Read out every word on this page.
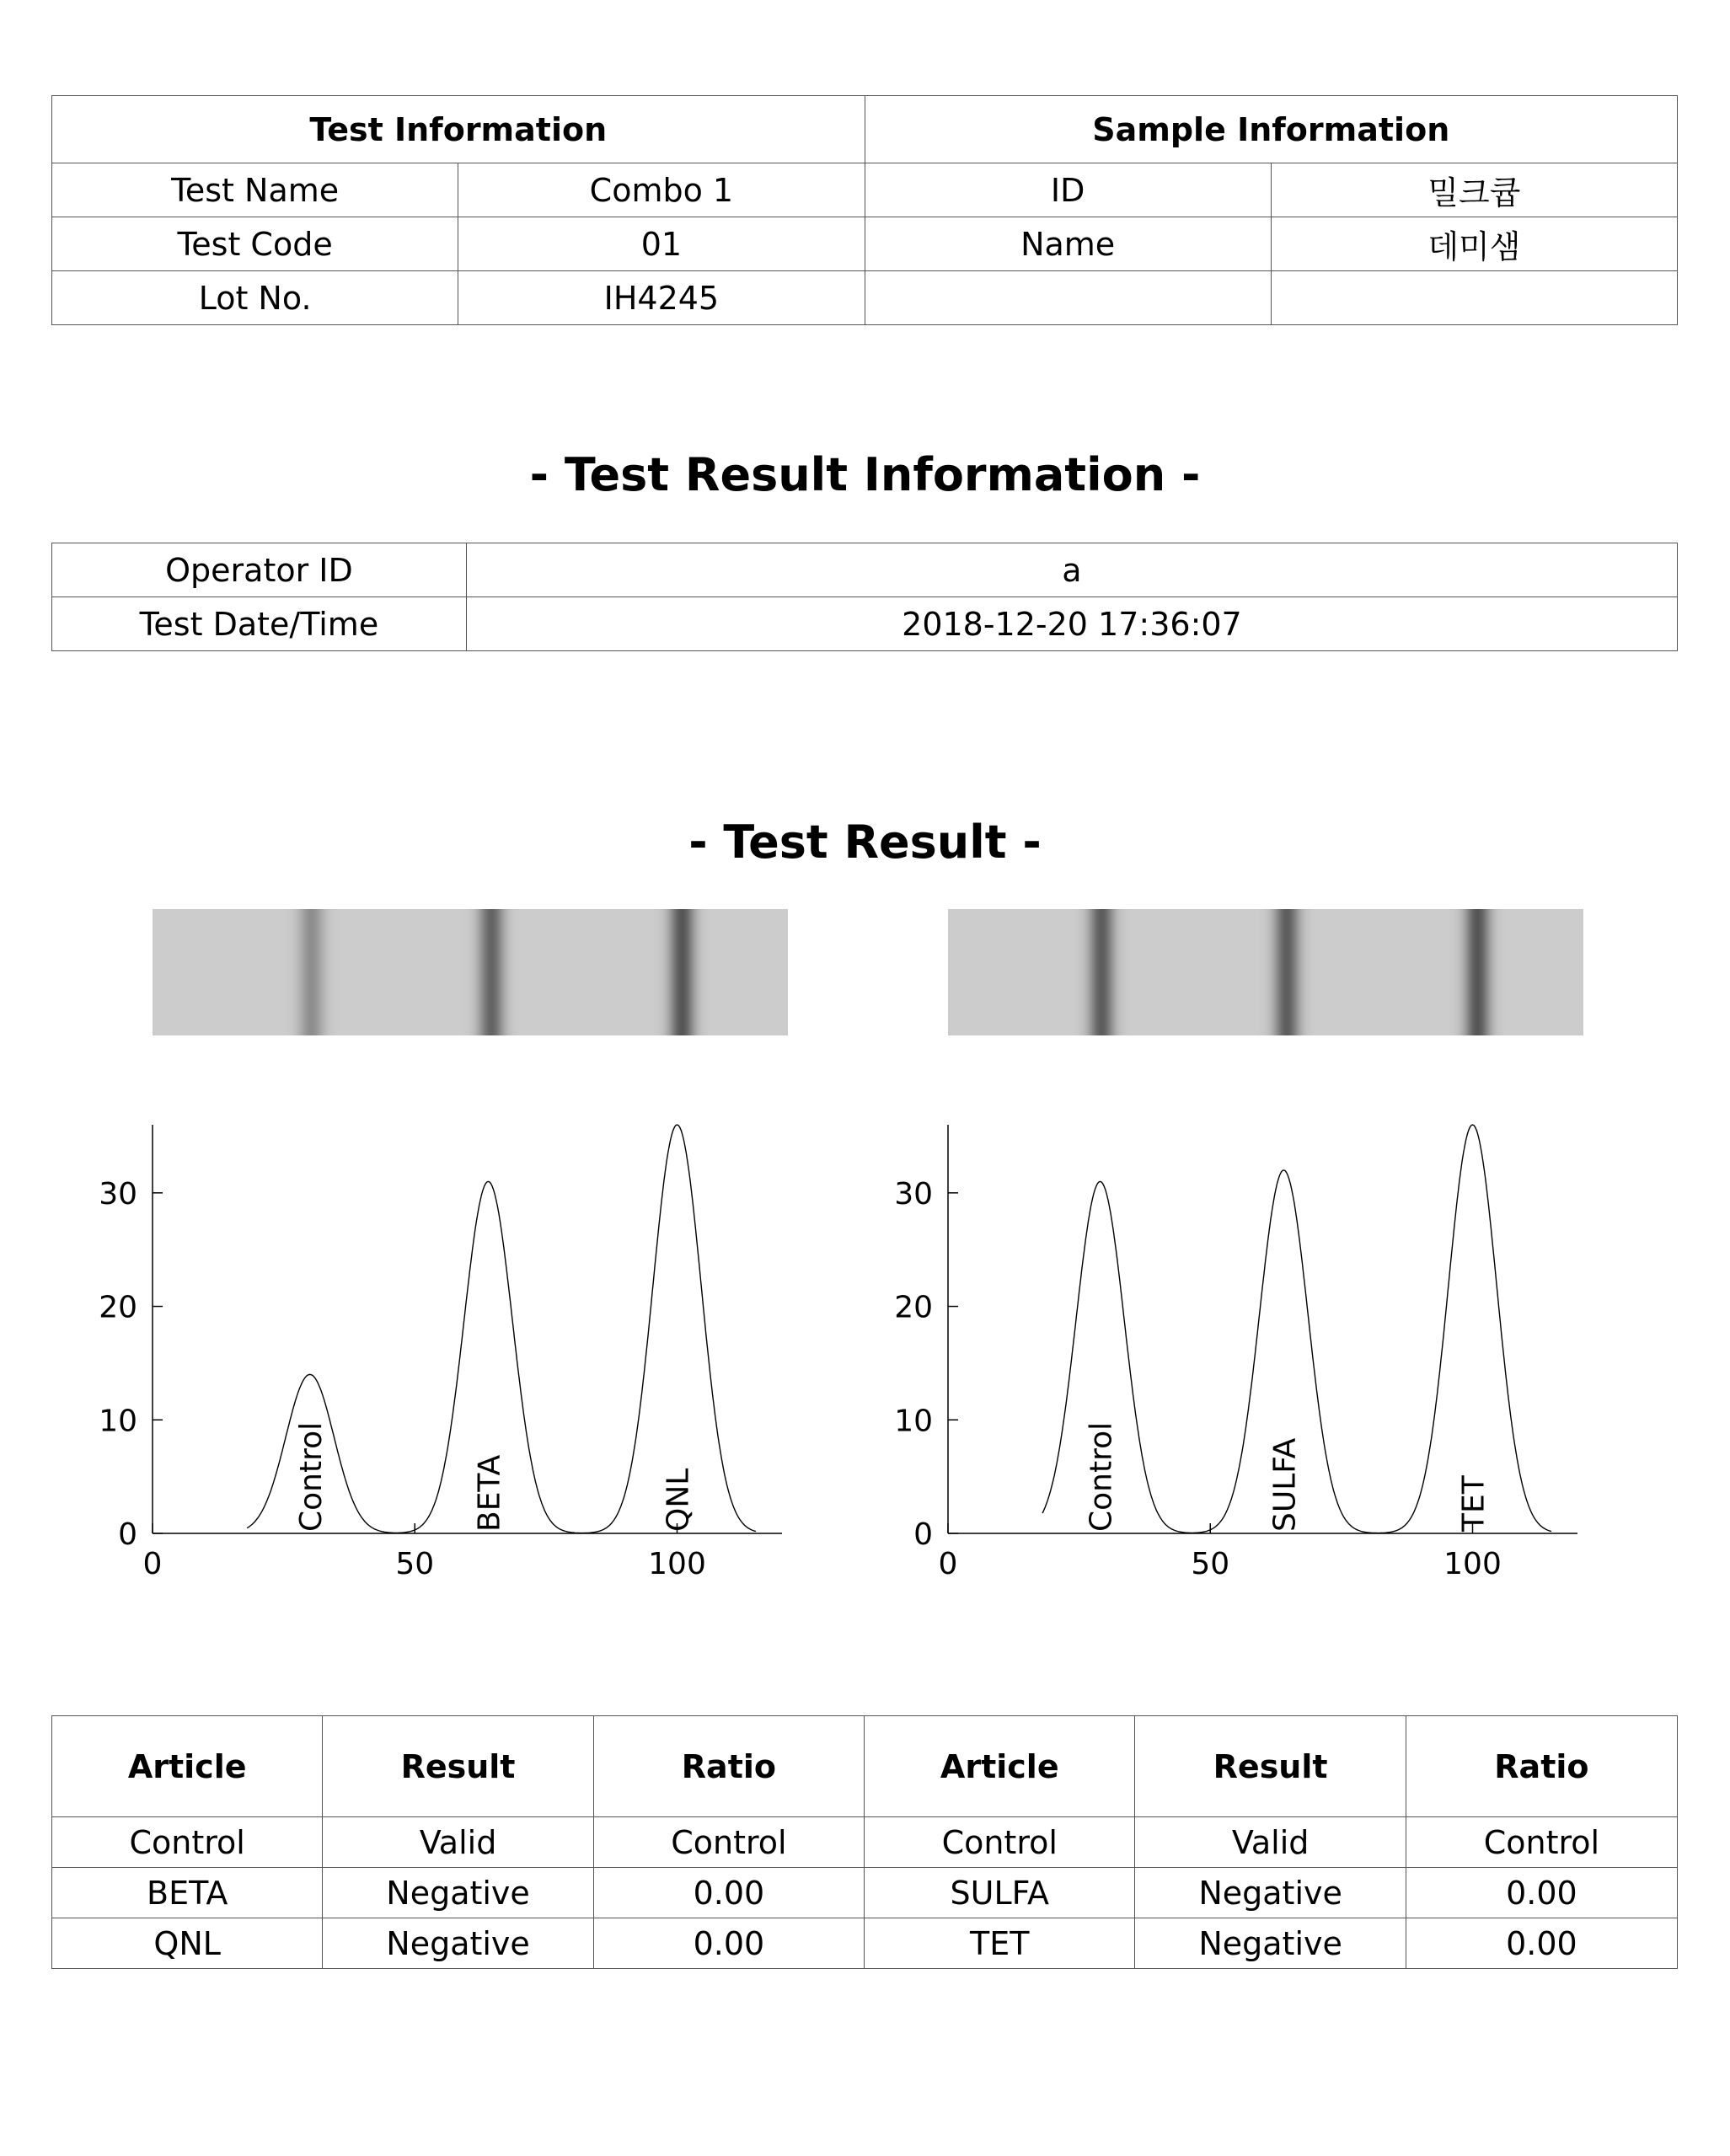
Test Information		Sample Information	
Test Name	Combo 1	ID	밀크큡
Test Code	01	Name	데미샘
Lot No.	IH4245		
- Test Result Information -
Operator ID	a
Test Date/Time	2018-12-20 17:36:07
- Test Result -
0
10
20
30
0	50	100
Control	BETA	QNL
0
10
20
30
0	50	100
Control	SULFA	TET
Article	Result	Ratio	Article	Result	Ratio
Control	Valid	Control	Control	Valid	Control
BETA	Negative	0.00	SULFA	Negative	0.00
QNL	Negative	0.00	TET	Negative	0.00
